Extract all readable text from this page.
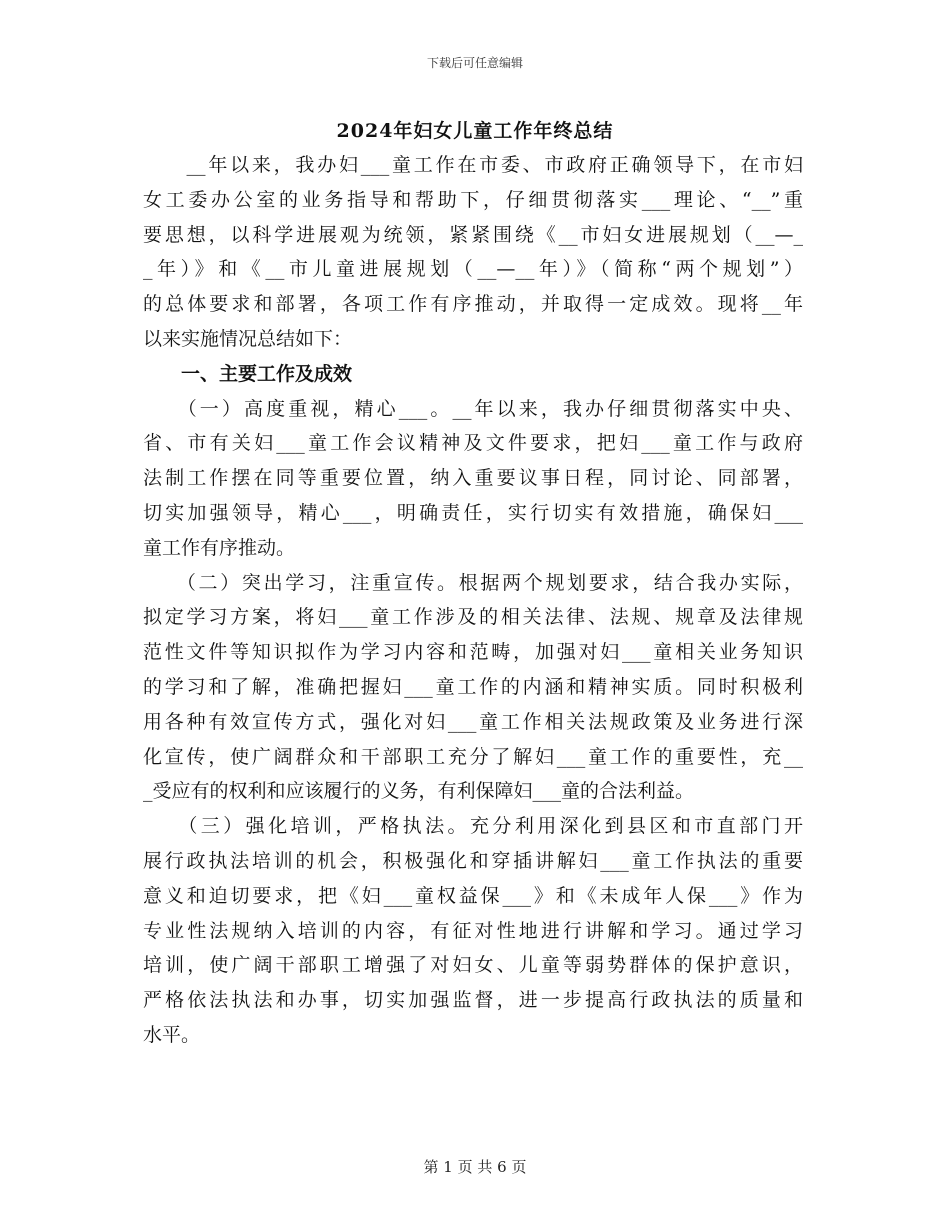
下载后可任意编辑
2024年妇女儿童工作年终总结
　　__年以来，我办妇___童工作在市委、市政府正确领导下，在市妇
女工委办公室的业务指导和帮助下，仔细贯彻落实___理论、“__”重
要思想，以科学进展观为统领，紧紧围绕《__市妇女进展规划（__—_
_年）》和《__市儿童进展规划（__—__年）》（简称“两个规划”）
的总体要求和部署，各项工作有序推动，并取得一定成效。现将__年
以来实施情况总结如下：
　　一、主要工作及成效
　　（一）高度重视，精心___。__年以来，我办仔细贯彻落实中央、
省、市有关妇___童工作会议精神及文件要求，把妇___童工作与政府
法制工作摆在同等重要位置，纳入重要议事日程，同讨论、同部署，
切实加强领导，精心___，明确责任，实行切实有效措施，确保妇___
童工作有序推动。
　　（二）突出学习，注重宣传。根据两个规划要求，结合我办实际，
拟定学习方案，将妇___童工作涉及的相关法律、法规、规章及法律规
范性文件等知识拟作为学习内容和范畴，加强对妇___童相关业务知识
的学习和了解，准确把握妇___童工作的内涵和精神实质。同时积极利
用各种有效宣传方式，强化对妇___童工作相关法规政策及业务进行深
化宣传，使广阔群众和干部职工充分了解妇___童工作的重要性，充__
_受应有的权利和应该履行的义务，有利保障妇___童的合法利益。
　　（三）强化培训，严格执法。充分利用深化到县区和市直部门开
展行政执法培训的机会，积极强化和穿插讲解妇___童工作执法的重要
意义和迫切要求，把《妇___童权益保___》和《未成年人保___》作为
专业性法规纳入培训的内容，有征对性地进行讲解和学习。通过学习
培训，使广阔干部职工增强了对妇女、儿童等弱势群体的保护意识，
严格依法执法和办事，切实加强监督，进一步提高行政执法的质量和
水平。
第 1 页 共 6 页
